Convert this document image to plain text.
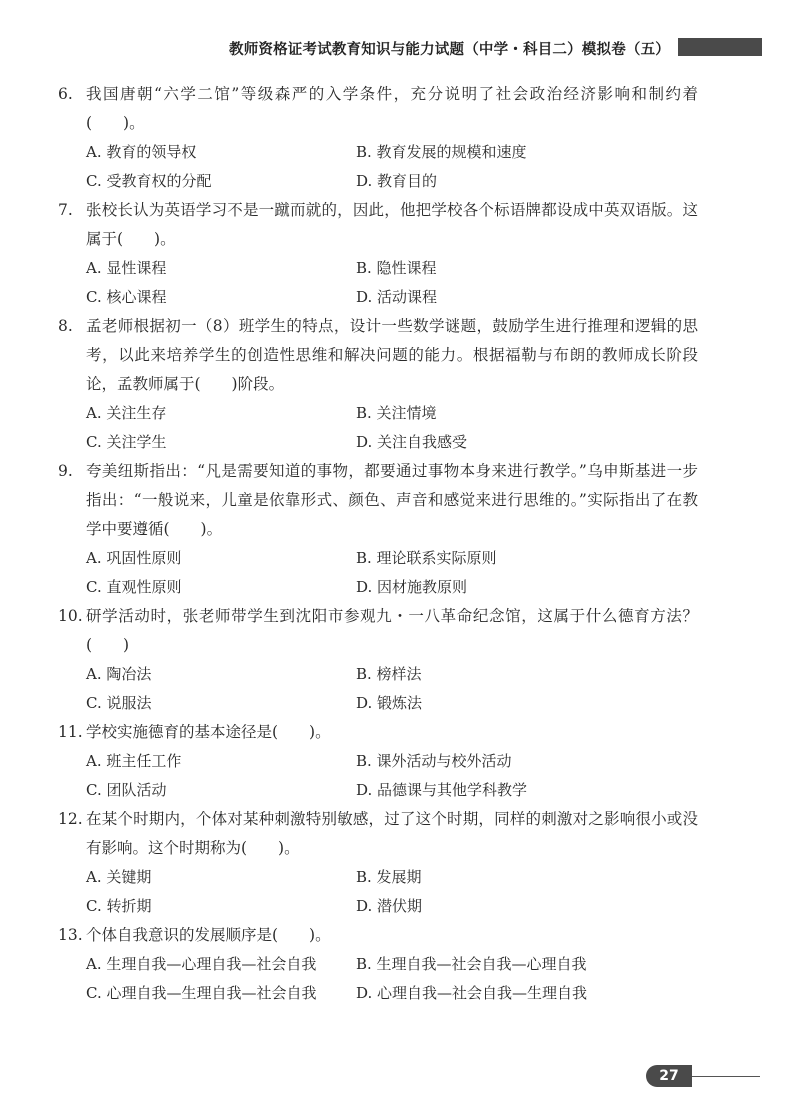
教师资格证考试教育知识与能力试题（中学・科目二）模拟卷（五）
6. 我国唐朝“六学二馆”等级森严的入学条件，充分说明了社会政治经济影响和制约着(　　)。
A. 教育的领导权	B. 教育发展的规模和速度
C. 受教育权的分配	D. 教育目的
7. 张校长认为英语学习不是一蹴而就的，因此，他把学校各个标语牌都设成中英双语版。这属于(　　)。
A. 显性课程	B. 隐性课程
C. 核心课程	D. 活动课程
8. 孟老师根据初一（8）班学生的特点，设计一些数学谜题，鼓励学生进行推理和逻辑的思考，以此来培养学生的创造性思维和解决问题的能力。根据福勒与布朗的教师成长阶段论，孟教师属于(　　)阶段。
A. 关注生存	B. 关注情境
C. 关注学生	D. 关注自我感受
9. 夸美纽斯指出：“凡是需要知道的事物，都要通过事物本身来进行教学。”乌申斯基进一步指出：“一般说来，儿童是依靠形式、颜色、声音和感觉来进行思维的。”实际指出了在教学中要遵循(　　)。
A. 巩固性原则	B. 理论联系实际原则
C. 直观性原则	D. 因材施教原则
10. 研学活动时，张老师带学生到沈阳市参观九・一八革命纪念馆，这属于什么德育方法？(　　)
A. 陶冶法	B. 榜样法
C. 说服法	D. 锻炼法
11. 学校实施德育的基本途径是(　　)。
A. 班主任工作	B. 课外活动与校外活动
C. 团队活动	D. 品德课与其他学科教学
12. 在某个时期内，个体对某种刺激特别敏感，过了这个时期，同样的刺激对之影响很小或没有影响。这个时期称为(　　)。
A. 关键期	B. 发展期
C. 转折期	D. 潜伏期
13. 个体自我意识的发展顺序是(　　)。
A. 生理自我—心理自我—社会自我	B. 生理自我—社会自我—心理自我
C. 心理自我—生理自我—社会自我	D. 心理自我—社会自我—生理自我
27
